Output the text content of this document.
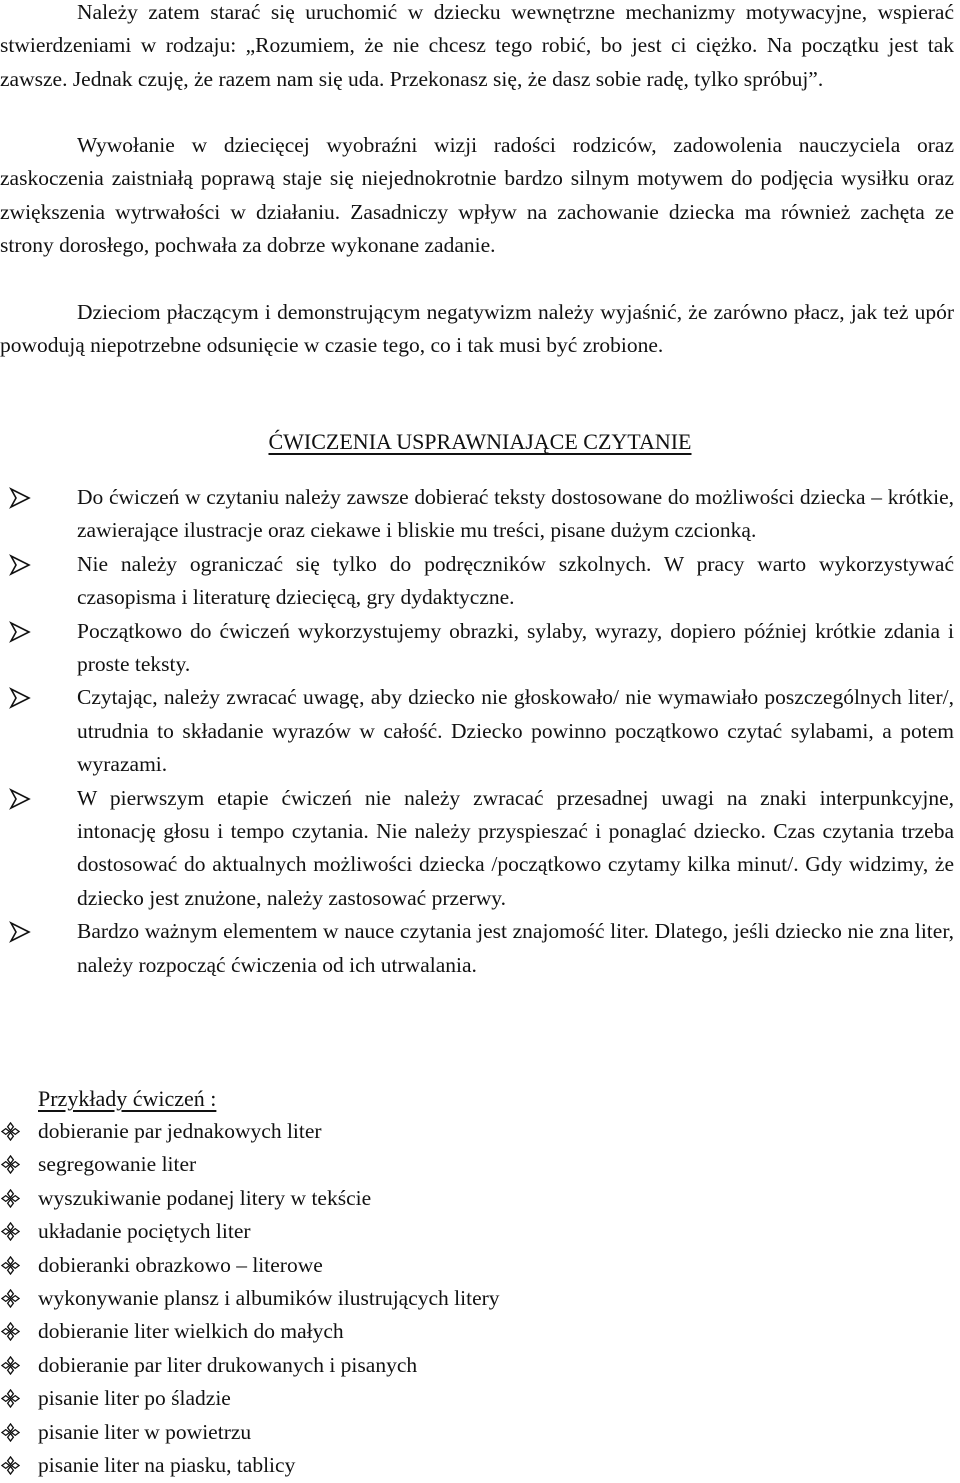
Należy zatem starać się uruchomić w dziecku wewnętrzne mechanizmy motywacyjne, wspierać stwierdzeniami w rodzaju: „Rozumiem, że nie chcesz tego robić, bo jest ci ciężko. Na początku jest tak zawsze. Jednak czuję, że razem nam się uda. Przekonasz się, że dasz sobie radę, tylko spróbuj”.

Wywołanie w dziecięcej wyobraźni wizji radości rodziców, zadowolenia nauczyciela oraz zaskoczenia zaistniałą poprawą staje się niejednokrotnie bardzo silnym motywem do podjęcia wysiłku oraz zwiększenia wytrwałości w działaniu. Zasadniczy wpływ na zachowanie dziecka ma również zachęta ze strony dorosłego, pochwała za dobrze wykonane zadanie.

Dzieciom płaczącym i demonstrującym negatywizm należy wyjaśnić, że zarówno płacz, jak też upór powodują niepotrzebne odsunięcie w czasie tego, co i tak musi być zrobione.

ĆWICZENIA USPRAWNIAJĄCE CZYTANIE
Do ćwiczeń w czytaniu należy zawsze dobierać teksty dostosowane do możliwości dziecka – krótkie, zawierające ilustracje oraz ciekawe i bliskie mu treści, pisane dużym czcionką.
Nie należy ograniczać się tylko do podręczników szkolnych. W pracy warto wykorzystywać czasopisma i literaturę dziecięcą, gry dydaktyczne.
Początkowo do ćwiczeń wykorzystujemy obrazki, sylaby, wyrazy, dopiero później krótkie zdania i proste teksty.
Czytając, należy zwracać uwagę, aby dziecko nie głoskowało/ nie wymawiało poszczególnych liter/, utrudnia to składanie wyrazów w całość. Dziecko powinno początkowo czytać sylabami, a potem wyrazami.
W pierwszym etapie ćwiczeń nie należy zwracać przesadnej uwagi na znaki interpunkcyjne, intonację głosu i tempo czytania. Nie należy przyspieszać i ponaglać dziecko. Czas czytania trzeba dostosować do aktualnych możliwości dziecka /początkowo czytamy kilka minut/. Gdy widzimy, że dziecko jest znużone, należy zastosować przerwy.
Bardzo ważnym elementem w nauce czytania jest znajomość liter. Dlatego, jeśli dziecko nie zna liter, należy rozpocząć ćwiczenia od ich utrwalania.
Przykłady ćwiczeń :
dobieranie par jednakowych liter
segregowanie liter
wyszukiwanie podanej litery w tekście
układanie pociętych liter
dobieranki obrazkowo – literowe
wykonywanie plansz i albumików ilustrujących litery
dobieranie liter wielkich do małych
dobieranie par liter drukowanych i pisanych
pisanie liter po śladzie
pisanie liter w powietrzu
pisanie liter na piasku, tablicy
